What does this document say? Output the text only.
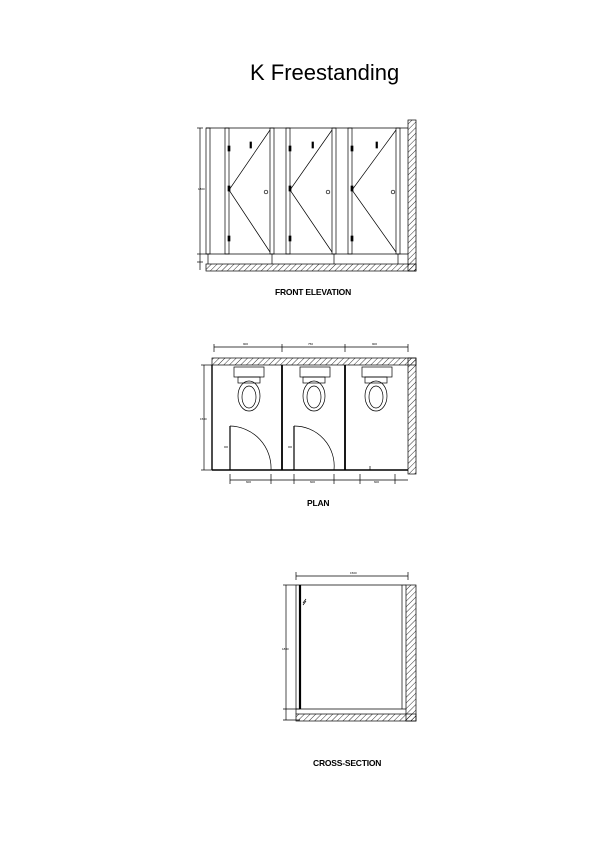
K Freestanding
1800
900	750	900
1500
600	600	600
1500
1800
FRONT ELEVATION
PLAN
CROSS-SECTION
